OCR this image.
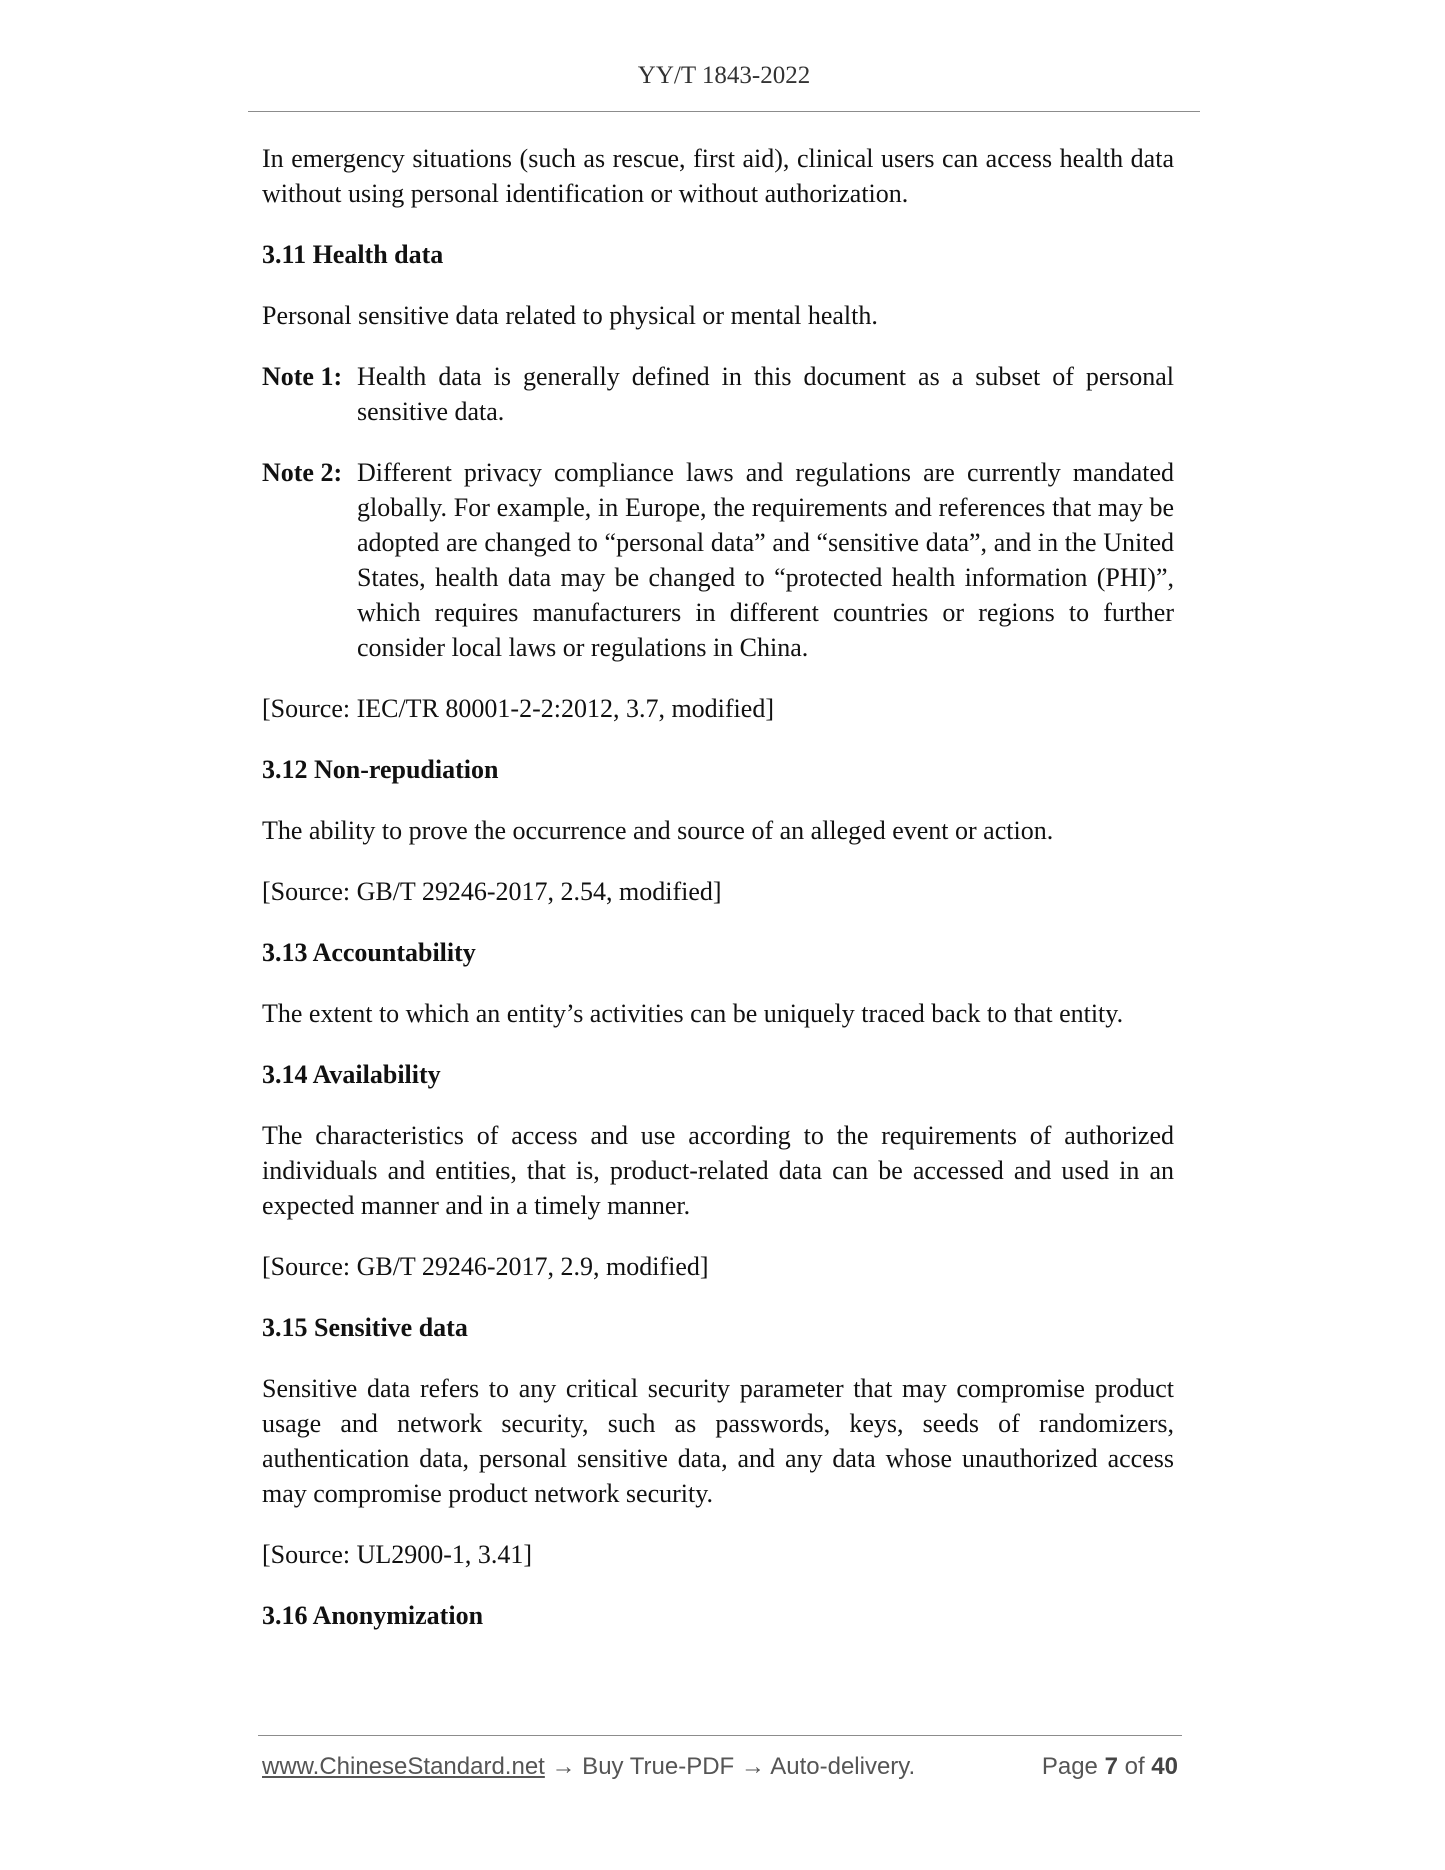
YY/T 1843-2022

In emergency situations (such as rescue, first aid), clinical users can access health data without using personal identification or without authorization.

3.11 Health data

Personal sensitive data related to physical or mental health.

Note 1: Health data is generally defined in this document as a subset of personal sensitive data.
Note 2: Different privacy compliance laws and regulations are currently mandated globally. For example, in Europe, the requirements and references that may be adopted are changed to “personal data” and “sensitive data”, and in the United States, health data may be changed to “protected health information (PHI)”, which requires manufacturers in different countries or regions to further consider local laws or regulations in China.

[Source: IEC/TR 80001-2-2:2012, 3.7, modified]

3.12 Non-repudiation

The ability to prove the occurrence and source of an alleged event or action.

[Source: GB/T 29246-2017, 2.54, modified]

3.13 Accountability

The extent to which an entity’s activities can be uniquely traced back to that entity.

3.14 Availability

The characteristics of access and use according to the requirements of authorized individuals and entities, that is, product-related data can be accessed and used in an expected manner and in a timely manner.

[Source: GB/T 29246-2017, 2.9, modified]

3.15 Sensitive data

Sensitive data refers to any critical security parameter that may compromise product usage and network security, such as passwords, keys, seeds of randomizers, authentication data, personal sensitive data, and any data whose unauthorized access may compromise product network security.

[Source: UL2900-1, 3.41]

3.16 Anonymization
www.ChineseStandard.net → Buy True-PDF → Auto-delivery.	Page 7 of 40
